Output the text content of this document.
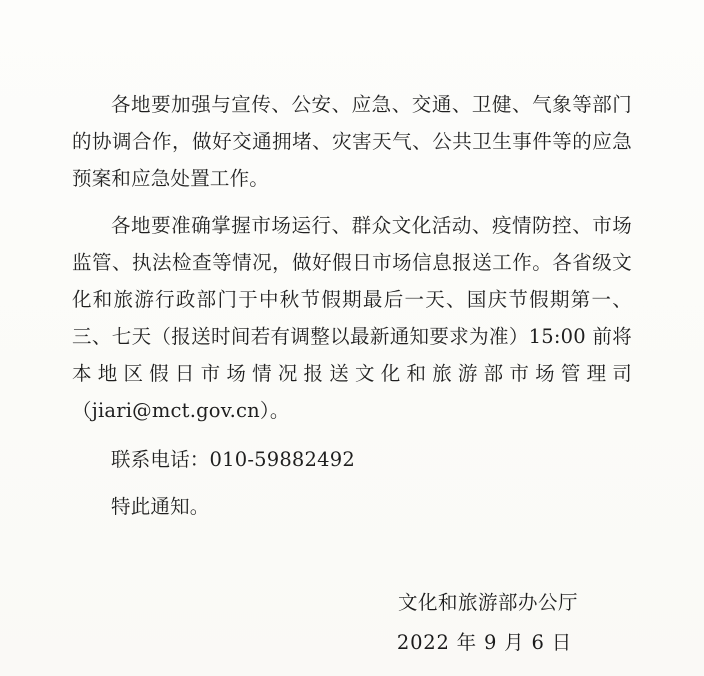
各地要加强与宣传、公安、应急、交通、卫健、气象等部门的协调合作，做好交通拥堵、灾害天气、公共卫生事件等的应急预案和应急处置工作。

各地要准确掌握市场运行、群众文化活动、疫情防控、市场监管、执法检查等情况，做好假日市场信息报送工作。各省级文化和旅游行政部门于中秋节假期最后一天、国庆节假期第一、三、七天（报送时间若有调整以最新通知要求为准）15:00 前将本地区假日市场情况报送文化和旅游部市场管理司（jiari@mct.gov.cn）。

联系电话：010-59882492

特此通知。

文化和旅游部办公厅
2022 年 9 月 6 日
